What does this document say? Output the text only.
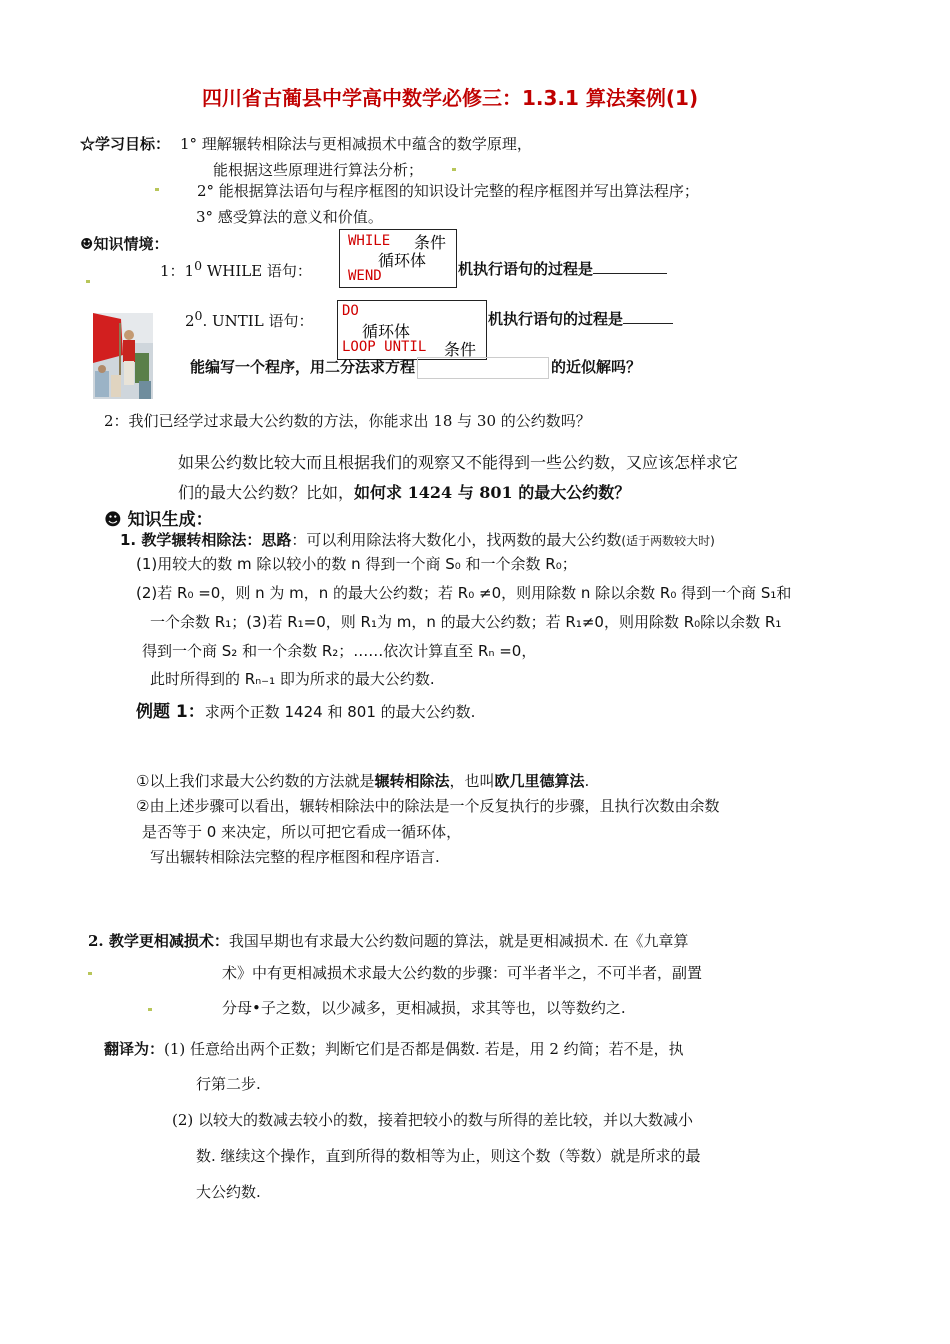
四川省古蔺县中学高中数学必修三：1.3.1 算法案例(1)
☆学习目标： 1° 理解辗转相除法与更相减损术中蕴含的数学原理，
能根据这些原理进行算法分析；
2° 能根据算法语句与程序框图的知识设计完整的程序框图并写出算法程序；
3° 感受算法的意义和价值。
☻知识情境：
1：$1^0$ WHILE 语句：
WHILE 条件
循环体
WEND	机执行语句的过程是
$2^0$. UNTIL 语句：
DO
循环体
LOOP UNTIL 条件
机执行语句的过程是
能编写一个程序，用二分法求方程	的近似解吗？
2：我们已经学过求最大公约数的方法，你能求出 18 与 30 的公约数吗？
如果公约数比较大而且根据我们的观察又不能得到一些公约数，又应该怎样求它
们的最大公约数？比如，如何求 1424 与 801 的最大公约数？
☻ 知识生成：
1. 教学辗转相除法：思路：可以利用除法将大数化小，找两数的最大公约数(适于两数较大时)
(1)用较大的数 m 除以较小的数 n 得到一个商 S₀ 和一个余数 R₀；
(2)若 R₀ =0，则 n 为 m，n 的最大公约数；若 R₀ ≠0，则用除数 n 除以余数 R₀ 得到一个商 S₁和
一个余数 R₁；(3)若 R₁=0，则 R₁为 m，n 的最大公约数；若 R₁≠0，则用除数 R₀除以余数 R₁
得到一个商 S₂ 和一个余数 R₂；……依次计算直至 Rₙ =0，
此时所得到的 Rₙ₋₁ 即为所求的最大公约数.
例题 1：求两个正数 1424 和 801 的最大公约数.
①以上我们求最大公约数的方法就是辗转相除法，也叫欧几里德算法.
②由上述步骤可以看出，辗转相除法中的除法是一个反复执行的步骤，且执行次数由余数
是否等于 0 来决定，所以可把它看成一循环体，
写出辗转相除法完整的程序框图和程序语言.
2. 教学更相减损术：我国早期也有求最大公约数问题的算法，就是更相减损术. 在《九章算
术》中有更相减损术求最大公约数的步骤：可半者半之，不可半者，副置
分母•子之数，以少减多，更相减损，求其等也，以等数约之.
翻译为：(1) 任意给出两个正数；判断它们是否都是偶数. 若是，用 2 约简；若不是，执
行第二步.
(2) 以较大的数减去较小的数，接着把较小的数与所得的差比较，并以大数减小
数. 继续这个操作，直到所得的数相等为止，则这个数（等数）就是所求的最
大公约数.
